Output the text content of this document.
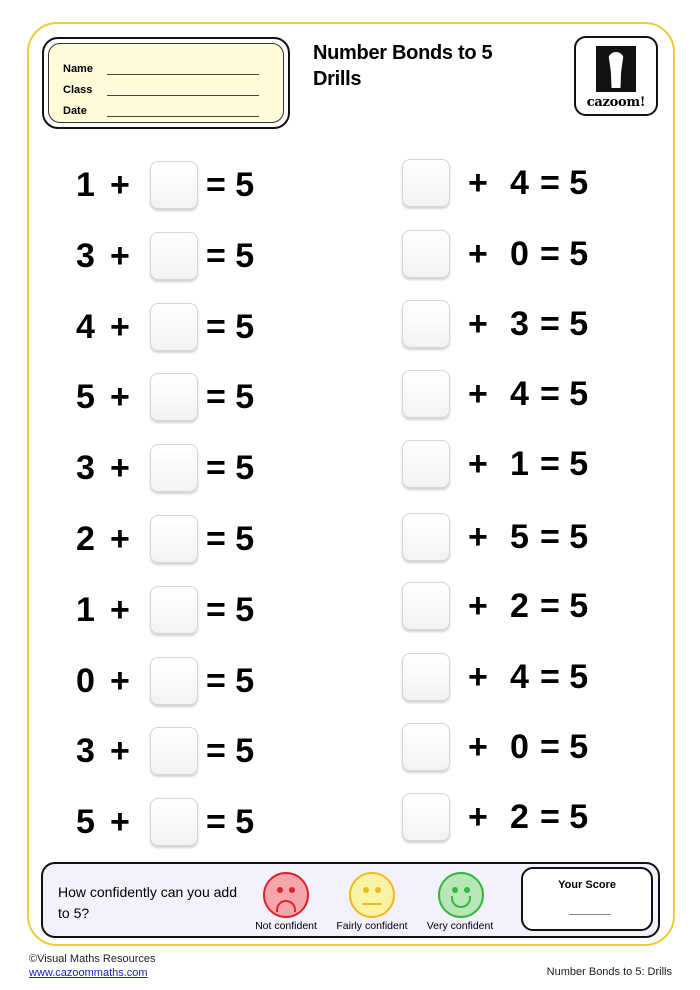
Name
Class
Date
Number Bonds to 5
Drills
cazoom!
1 +	= 5
3 +	= 5
4 +	= 5
5 +	= 5
3 +	= 5
2 +	= 5
1 +	= 5
0 +	= 5
3 +	= 5
5 +	= 5
+ 4 = 5
+ 0 = 5
+ 3 = 5
+ 4 = 5
+ 1 = 5
+ 5 = 5
+ 2 = 5
+ 4 = 5
+ 0 = 5
+ 2 = 5
How confidently can you add to 5?
Not confident	Fairly confident	Very confident
Your Score
©Visual Maths Resources
www.cazoommaths.com	Number Bonds to 5: Drills
